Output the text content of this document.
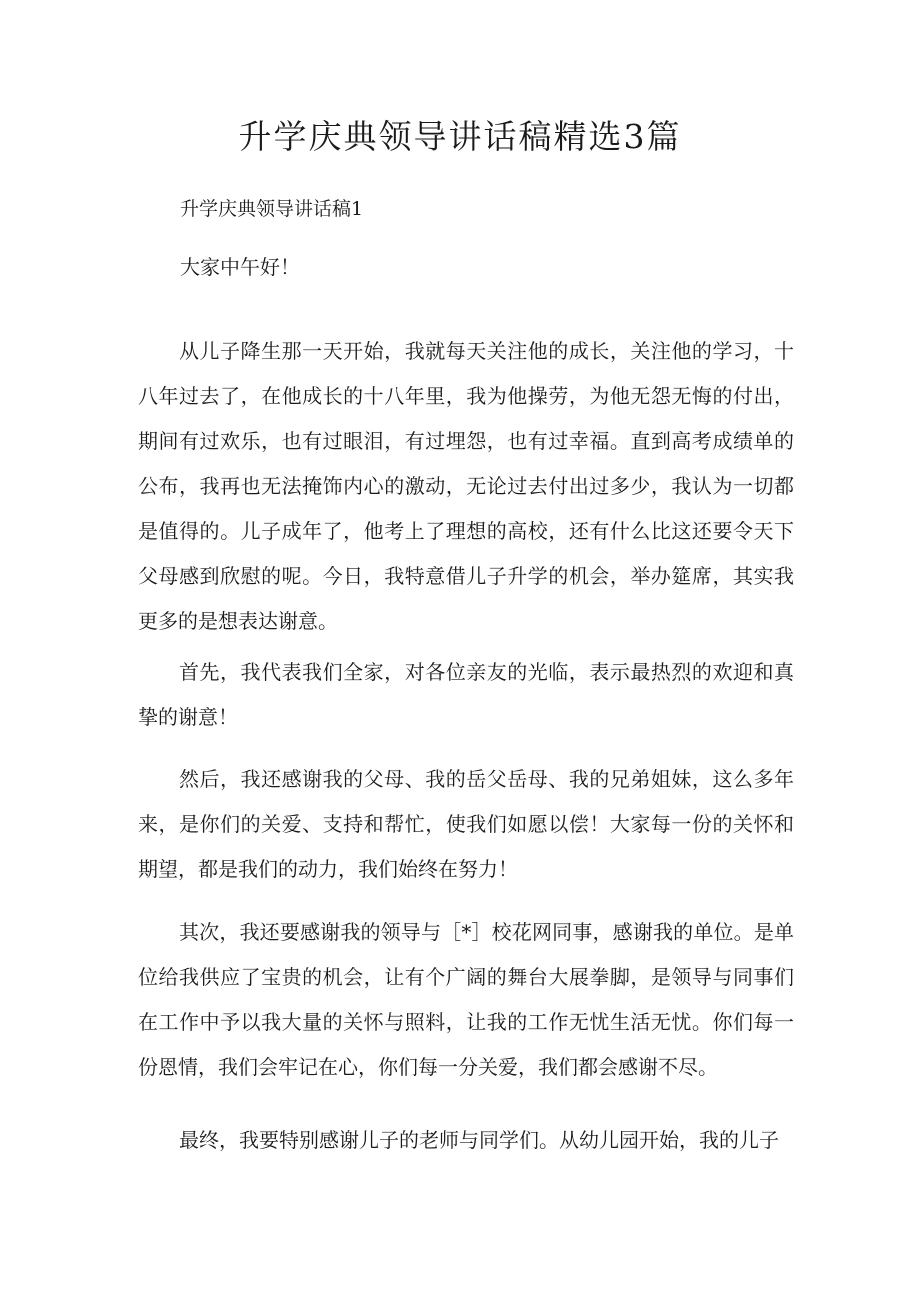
升学庆典领导讲话稿精选3篇

升学庆典领导讲话稿1

大家中午好！

从儿子降生那一天开始，我就每天关注他的成长，关注他的学习，十八年过去了，在他成长的十八年里，我为他操劳，为他无怨无悔的付出，期间有过欢乐，也有过眼泪，有过埋怨，也有过幸福。直到高考成绩单的公布，我再也无法掩饰内心的激动，无论过去付出过多少，我认为一切都是值得的。儿子成年了，他考上了理想的高校，还有什么比这还要令天下父母感到欣慰的呢。今日，我特意借儿子升学的机会，举办筵席，其实我更多的是想表达谢意。

首先，我代表我们全家，对各位亲友的光临，表示最热烈的欢迎和真挚的谢意！

然后，我还感谢我的父母、我的岳父岳母、我的兄弟姐妹，这么多年来，是你们的关爱、支持和帮忙，使我们如愿以偿！大家每一份的关怀和期望，都是我们的动力，我们始终在努力！

其次，我还要感谢我的领导与［*］校花网同事，感谢我的单位。是单位给我供应了宝贵的机会，让有个广阔的舞台大展拳脚，是领导与同事们在工作中予以我大量的关怀与照料，让我的工作无忧生活无忧。你们每一份恩情，我们会牢记在心，你们每一分关爱，我们都会感谢不尽。

最终，我要特别感谢儿子的老师与同学们。从幼儿园开始，我的儿子
